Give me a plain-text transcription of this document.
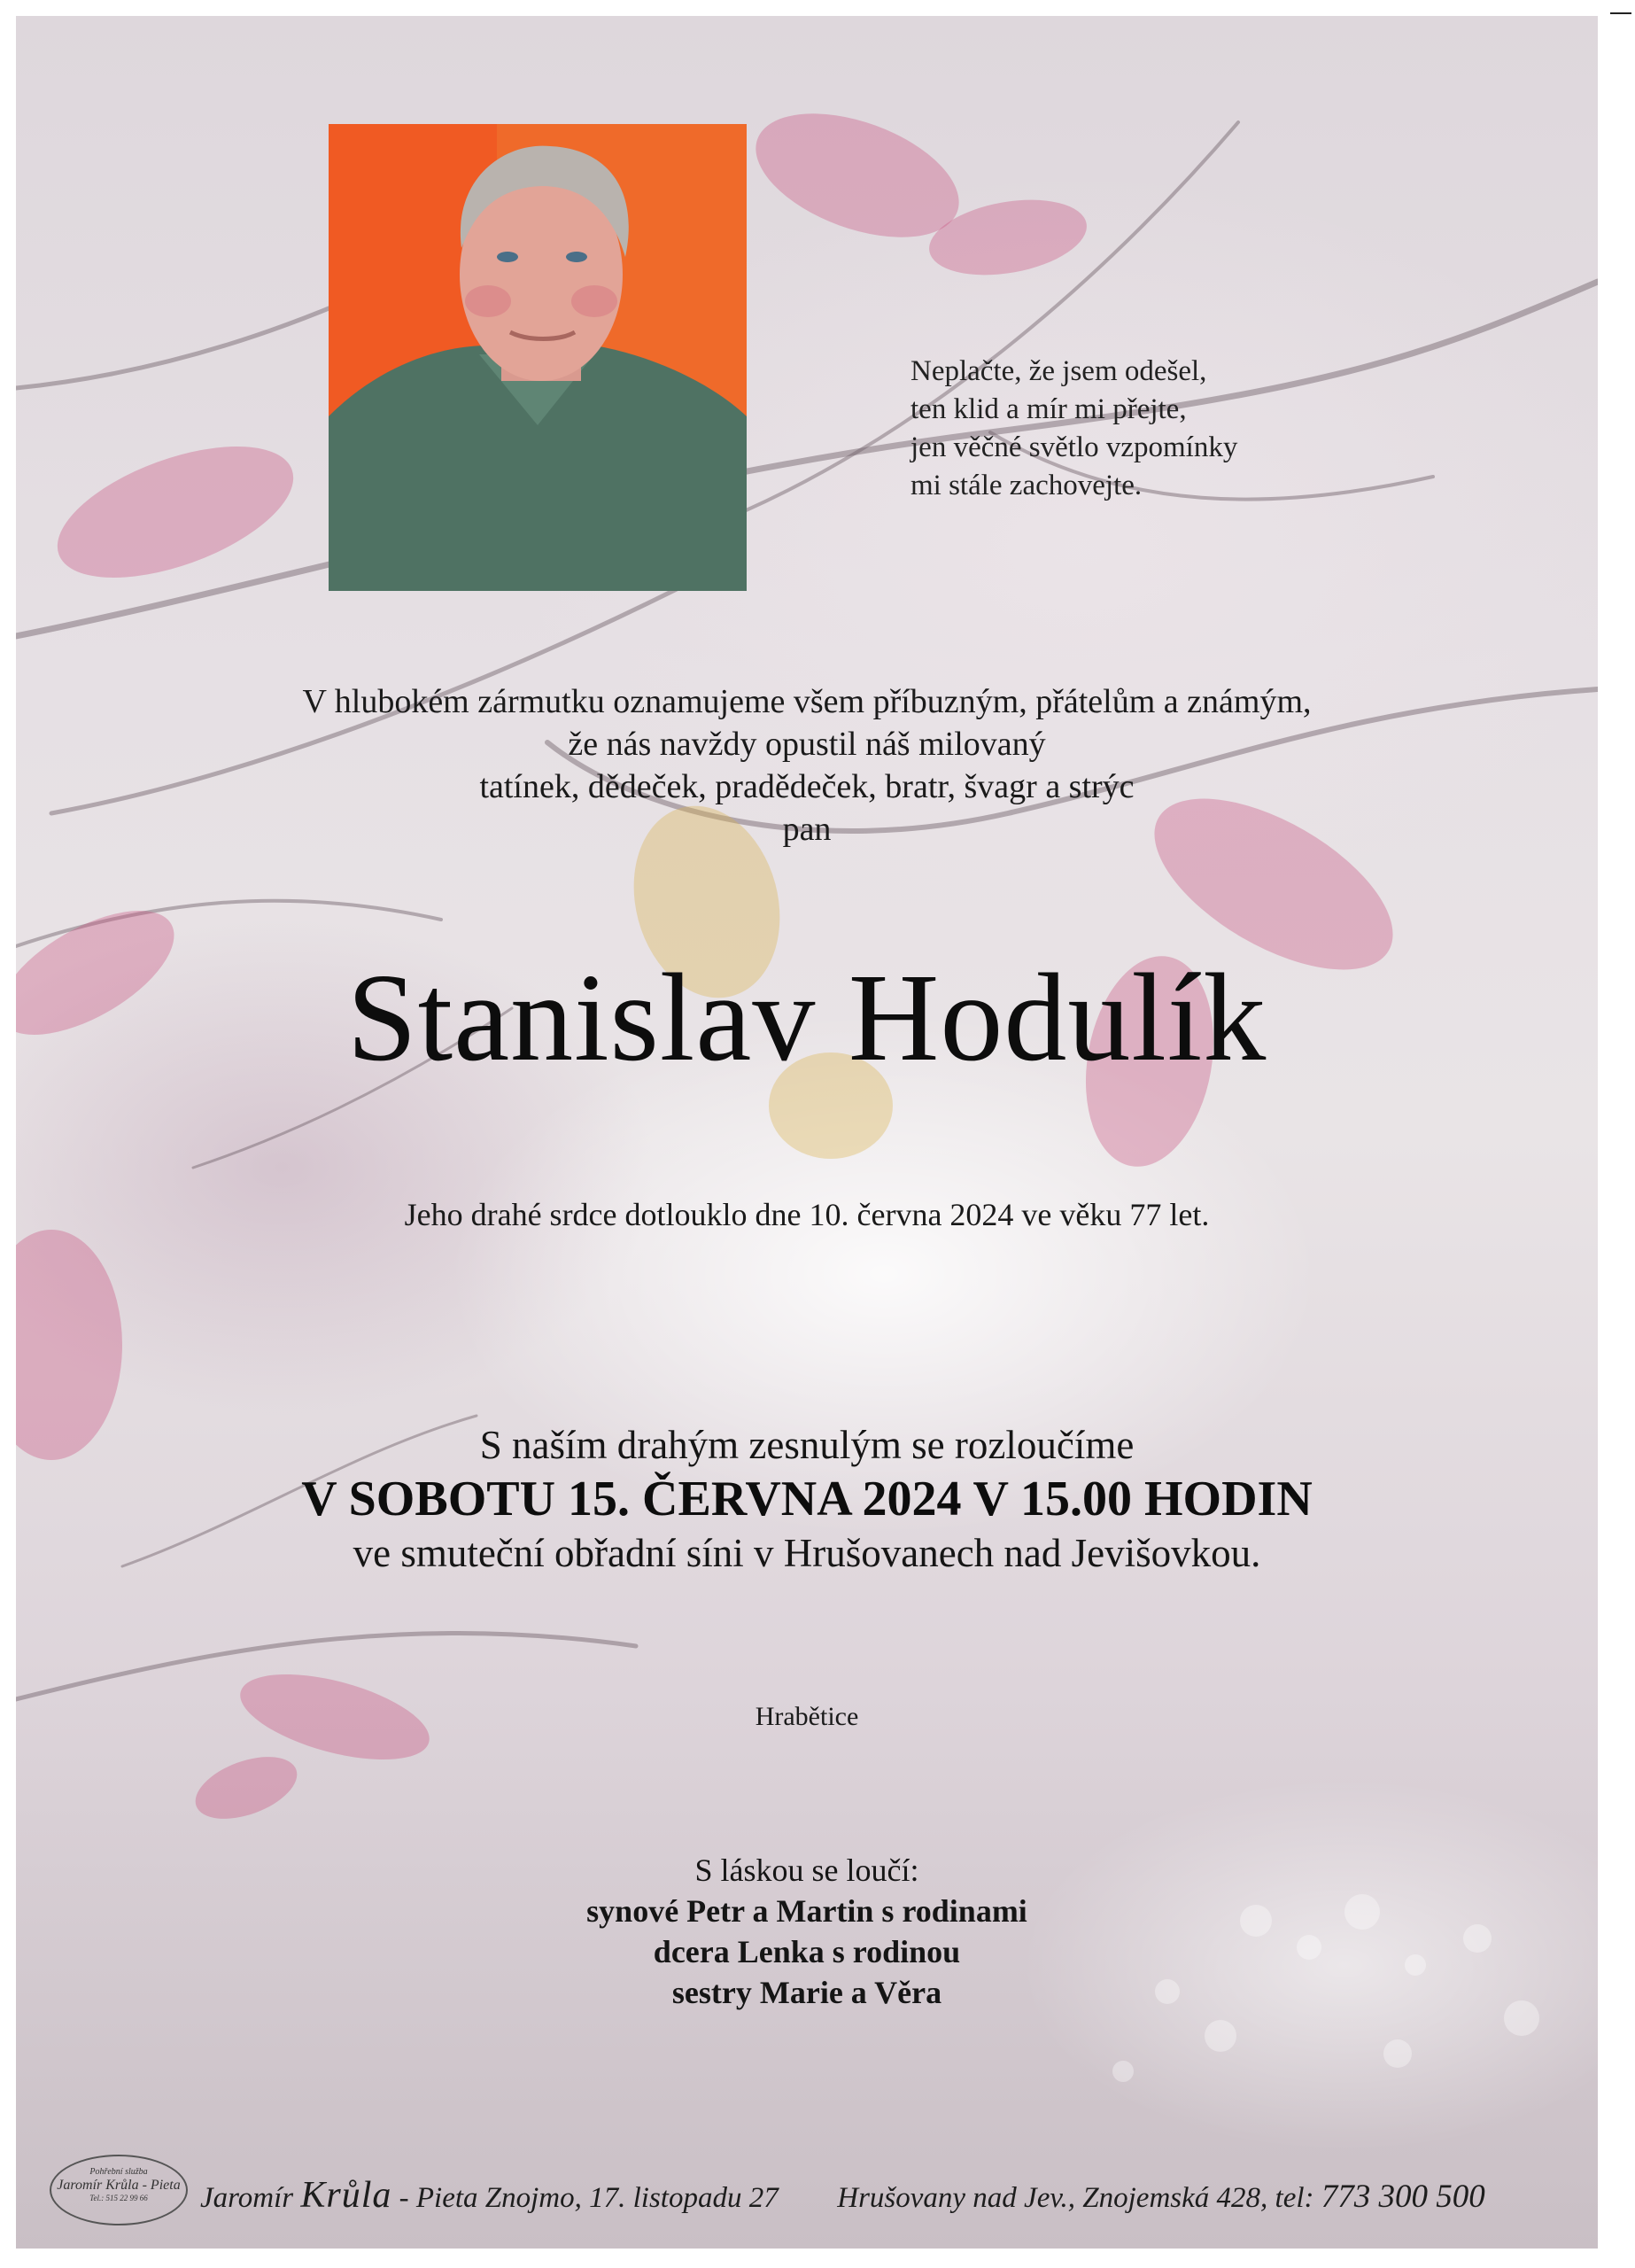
Neplačte, že jsem odešel,
ten klid a mír mi přejte,
jen věčné světlo vzpomínky
mi stále zachovejte.
V hlubokém zármutku oznamujeme všem příbuzným, přátelům a známým,
že nás navždy opustil náš milovaný
tatínek, dědeček, pradědeček, bratr, švagr a strýc
pan
Stanislav Hodulík
Jeho drahé srdce dotlouklo dne 10. června 2024 ve věku 77 let.
S naším drahým zesnulým se rozloučíme
V SOBOTU 15. ČERVNA 2024 V 15.00 HODIN
ve smuteční obřadní síni v Hrušovanech nad Jevišovkou.
Hrabětice
S láskou se loučí:
synové Petr a Martin s rodinami
dcera Lenka s rodinou
sestry Marie a Věra
Pohřební služba
Jaromír Krůla - Pieta
Tel.: 515 22 99 66	Jaromír Krůla - Pieta Znojmo, 17. listopadu 27 Hrušovany nad Jev., Znojemská 428, tel: 773 300 500
